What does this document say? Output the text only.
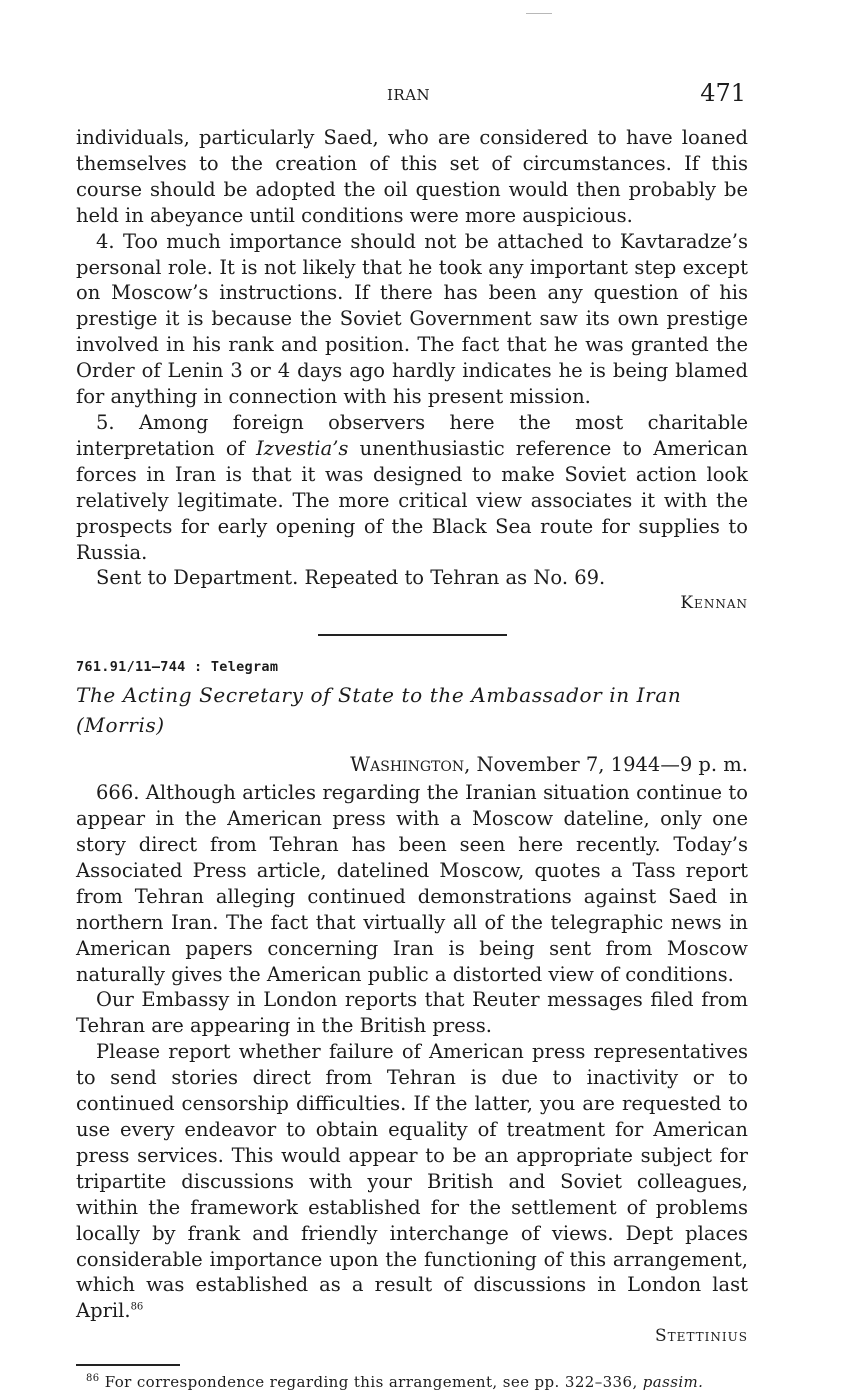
IRAN	471

individuals, particularly Saed, who are considered to have loaned themselves to the creation of this set of circumstances. If this course should be adopted the oil question would then probably be held in abeyance until conditions were more auspicious.

4. Too much importance should not be attached to Kavtaradze’s personal role. It is not likely that he took any important step except on Moscow’s instructions. If there has been any question of his prestige it is because the Soviet Government saw its own prestige involved in his rank and position. The fact that he was granted the Order of Lenin 3 or 4 days ago hardly indicates he is being blamed for anything in connection with his present mission.

5. Among foreign observers here the most charitable interpretation of Izvestia’s unenthusiastic reference to American forces in Iran is that it was designed to make Soviet action look relatively legitimate. The more critical view associates it with the prospects for early opening of the Black Sea route for supplies to Russia.

Sent to Department. Repeated to Tehran as No. 69.

Kennan

761.91/11–744 : Telegram

The Acting Secretary of State to the Ambassador in Iran (Morris)

Washington, November 7, 1944—9 p. m.

666. Although articles regarding the Iranian situation continue to appear in the American press with a Moscow dateline, only one story direct from Tehran has been seen here recently. Today’s Associated Press article, datelined Moscow, quotes a Tass report from Tehran alleging continued demonstrations against Saed in northern Iran. The fact that virtually all of the telegraphic news in American papers concerning Iran is being sent from Moscow naturally gives the American public a distorted view of conditions.

Our Embassy in London reports that Reuter messages filed from Tehran are appearing in the British press.

Please report whether failure of American press representatives to send stories direct from Tehran is due to inactivity or to continued censorship difficulties. If the latter, you are requested to use every endeavor to obtain equality of treatment for American press services. This would appear to be an appropriate subject for tripartite discussions with your British and Soviet colleagues, within the framework established for the settlement of problems locally by frank and friendly interchange of views. Dept places considerable importance upon the functioning of this arrangement, which was established as a result of discussions in London last April.$^{86}$

Stettinius

$^{86}$ For correspondence regarding this arrangement, see pp. 322–336, passim.
